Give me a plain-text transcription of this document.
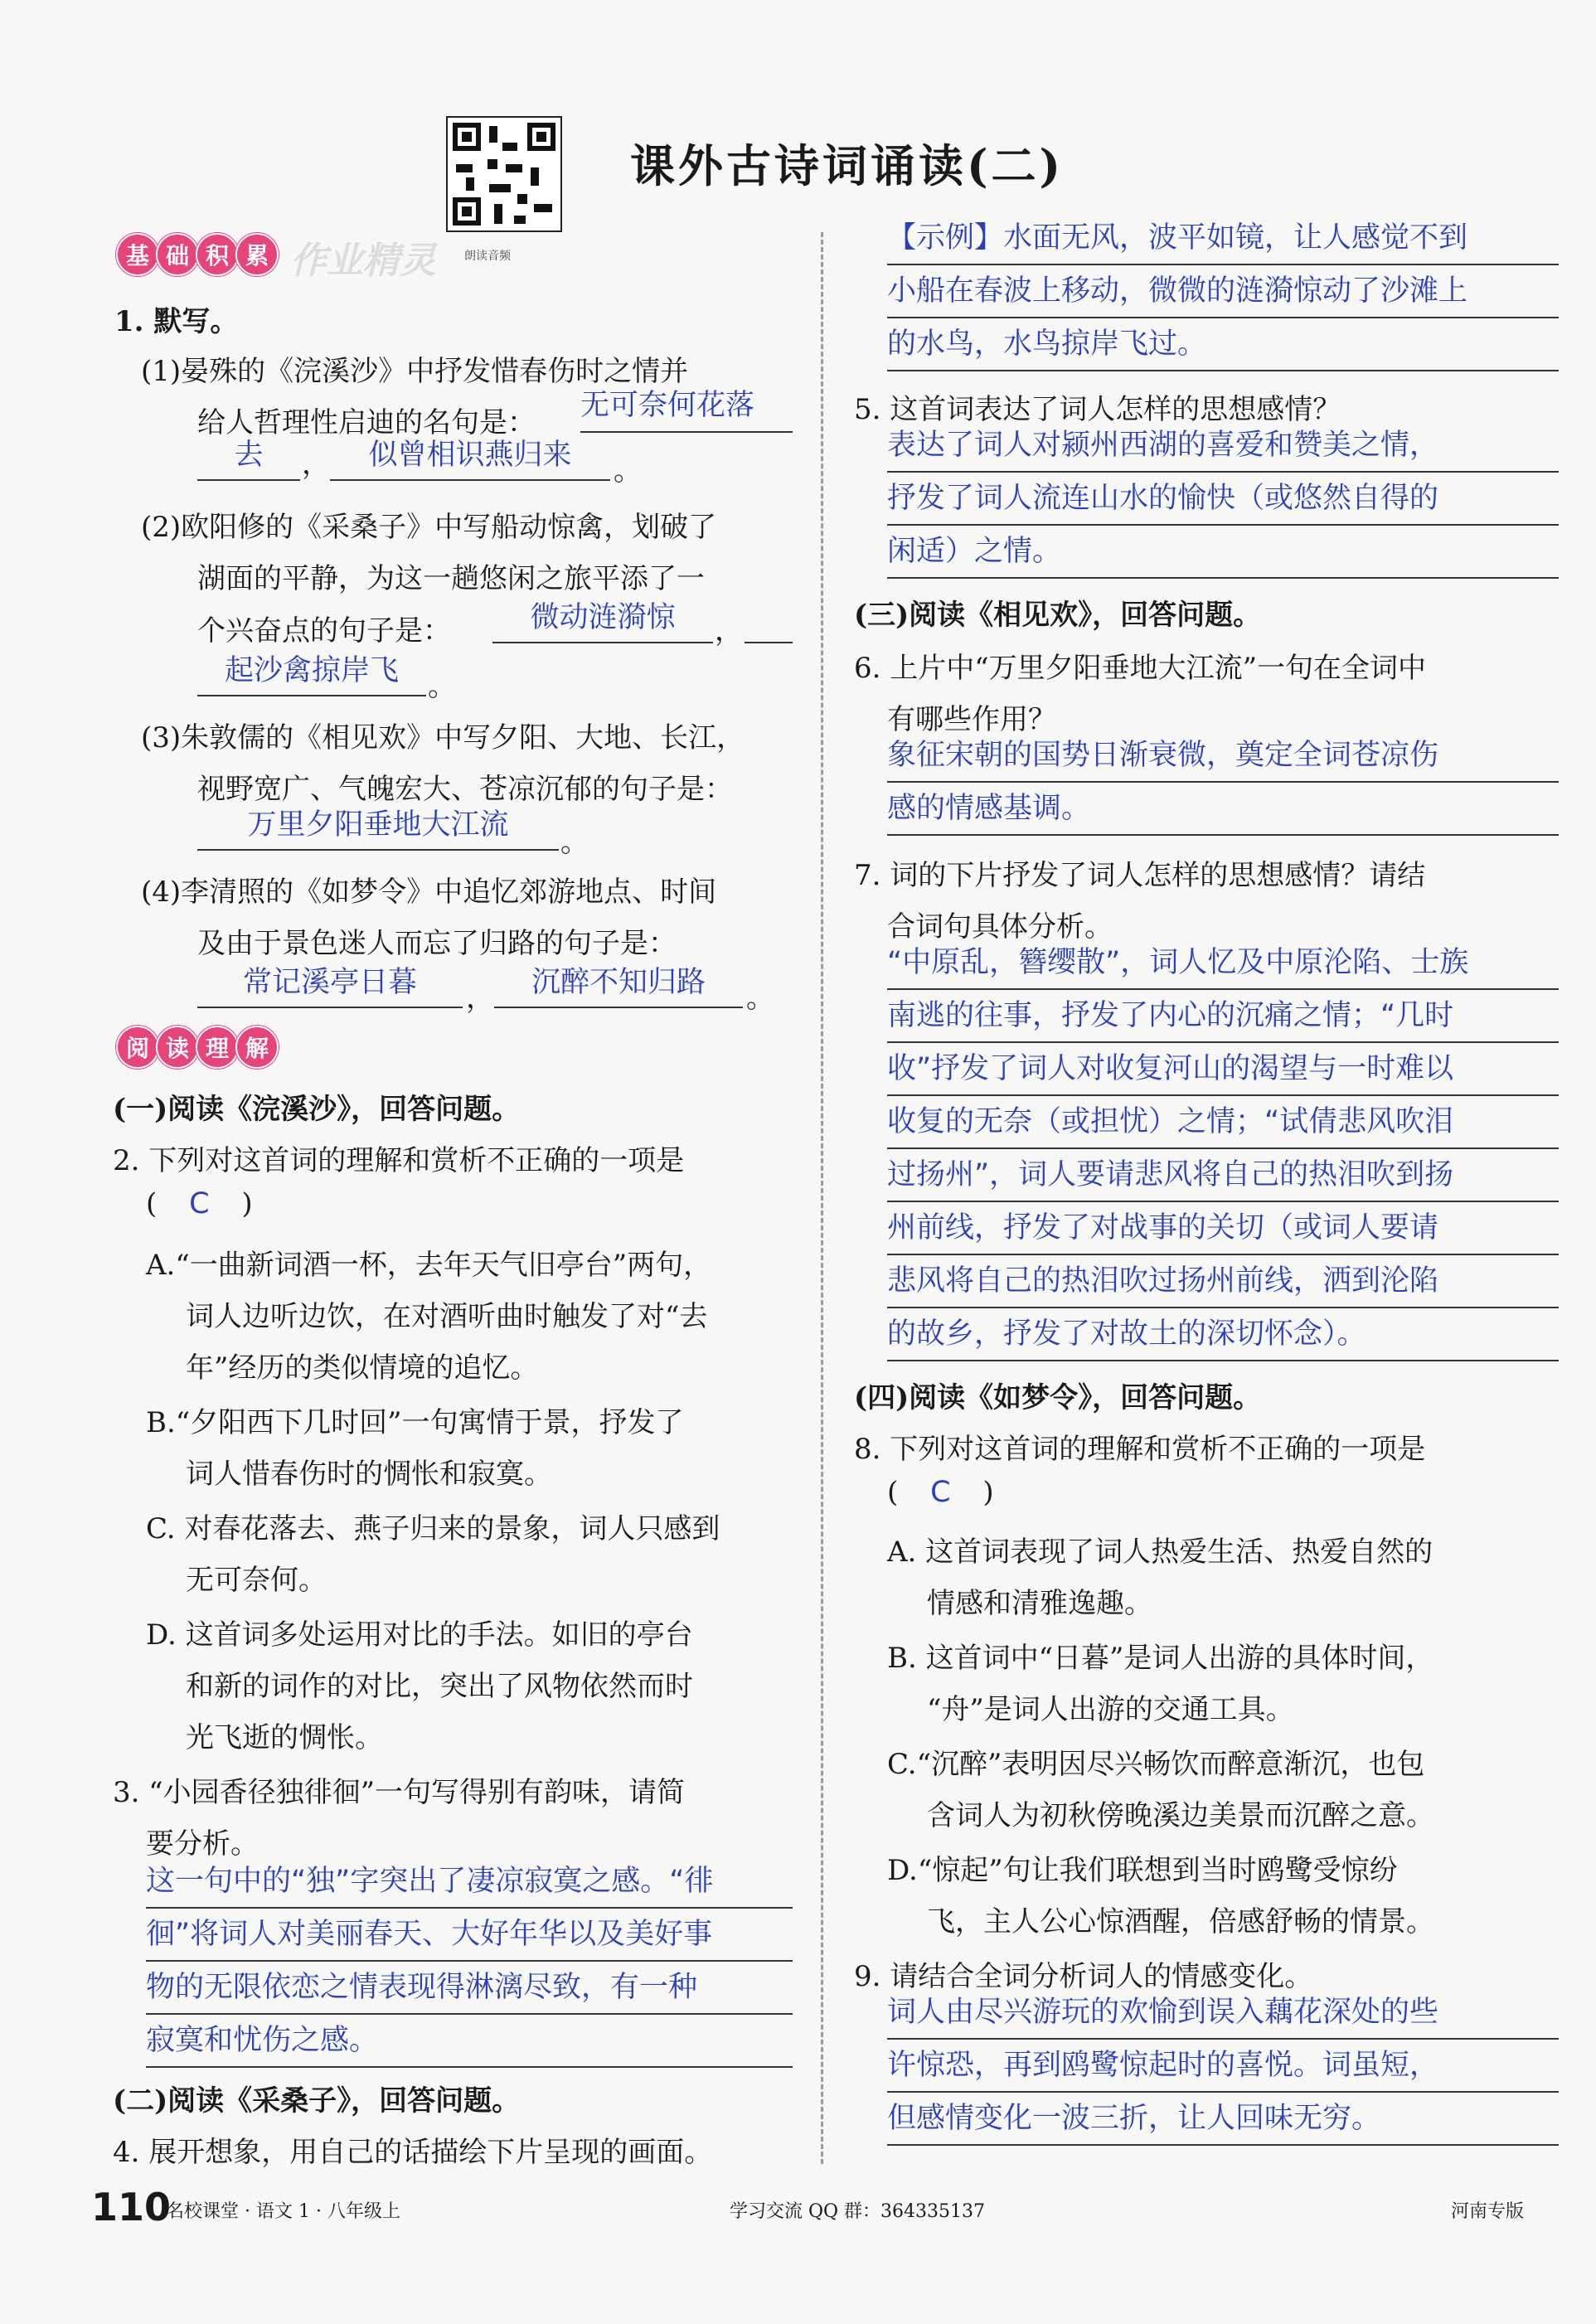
朗读音频
课外古诗词诵读(二)
基 础 积 累 作业精灵
1. 默写。
(1)晏殊的《浣溪沙》中抒发惜春伤时之情并
给人哲理性启迪的名句是：
无可奈何花落
去	，	似曾相识燕归来	。
(2)欧阳修的《采桑子》中写船动惊禽，划破了
湖面的平静，为这一趟悠闲之旅平添了一
个兴奋点的句子是：	微动涟漪惊	，
起沙禽掠岸飞	。
(3)朱敦儒的《相见欢》中写夕阳、大地、长江，
视野宽广、气魄宏大、苍凉沉郁的句子是：
万里夕阳垂地大江流
。
(4)李清照的《如梦令》中追忆郊游地点、时间
及由于景色迷人而忘了归路的句子是：
常记溪亭日暮	，	沉醉不知归路	。
阅 读 理 解
(一)阅读《浣溪沙》，回答问题。
2. 下列对这首词的理解和赏析不正确的一项是
( C )
A.“一曲新词酒一杯，去年天气旧亭台”两句，
词人边听边饮，在对酒听曲时触发了对“去
年”经历的类似情境的追忆。
B.“夕阳西下几时回”一句寓情于景，抒发了
词人惜春伤时的惆怅和寂寞。
C. 对春花落去、燕子归来的景象，词人只感到
无可奈何。
D. 这首词多处运用对比的手法。如旧的亭台
和新的词作的对比，突出了风物依然而时
光飞逝的惆怅。
3. “小园香径独徘徊”一句写得别有韵味，请简
要分析。
这一句中的“独”字突出了凄凉寂寞之感。“徘
徊”将词人对美丽春天、大好年华以及美好事
物的无限依恋之情表现得淋漓尽致，有一种
寂寞和忧伤之感。
(二)阅读《采桑子》，回答问题。
4. 展开想象，用自己的话描绘下片呈现的画面。
【示例】水面无风，波平如镜，让人感觉不到
小船在春波上移动，微微的涟漪惊动了沙滩上
的水鸟，水鸟掠岸飞过。
5. 这首词表达了词人怎样的思想感情？
表达了词人对颍州西湖的喜爱和赞美之情，
抒发了词人流连山水的愉快（或悠然自得的
闲适）之情。
(三)阅读《相见欢》，回答问题。
6. 上片中“万里夕阳垂地大江流”一句在全词中
有哪些作用？
象征宋朝的国势日渐衰微，奠定全词苍凉伤
感的情感基调。
7. 词的下片抒发了词人怎样的思想感情？请结
合词句具体分析。
“中原乱，簪缨散”，词人忆及中原沦陷、士族
南逃的往事，抒发了内心的沉痛之情；“几时
收”抒发了词人对收复河山的渴望与一时难以
收复的无奈（或担忧）之情；“试倩悲风吹泪
过扬州”，词人要请悲风将自己的热泪吹到扬
州前线，抒发了对战事的关切（或词人要请
悲风将自己的热泪吹过扬州前线，洒到沦陷
的故乡，抒发了对故土的深切怀念）。
(四)阅读《如梦令》，回答问题。
8. 下列对这首词的理解和赏析不正确的一项是
( C )
A. 这首词表现了词人热爱生活、热爱自然的
情感和清雅逸趣。
B. 这首词中“日暮”是词人出游的具体时间，
“舟”是词人出游的交通工具。
C.“沉醉”表明因尽兴畅饮而醉意渐沉，也包
含词人为初秋傍晚溪边美景而沉醉之意。
D.“惊起”句让我们联想到当时鸥鹭受惊纷
飞，主人公心惊酒醒，倍感舒畅的情景。
9. 请结合全词分析词人的情感变化。
词人由尽兴游玩的欢愉到误入藕花深处的些
许惊恐，再到鸥鹭惊起时的喜悦。词虽短，
但感情变化一波三折，让人回味无穷。
110
名校课堂 · 语文 1 · 八年级上	学习交流 QQ 群：364335137	河南专版
